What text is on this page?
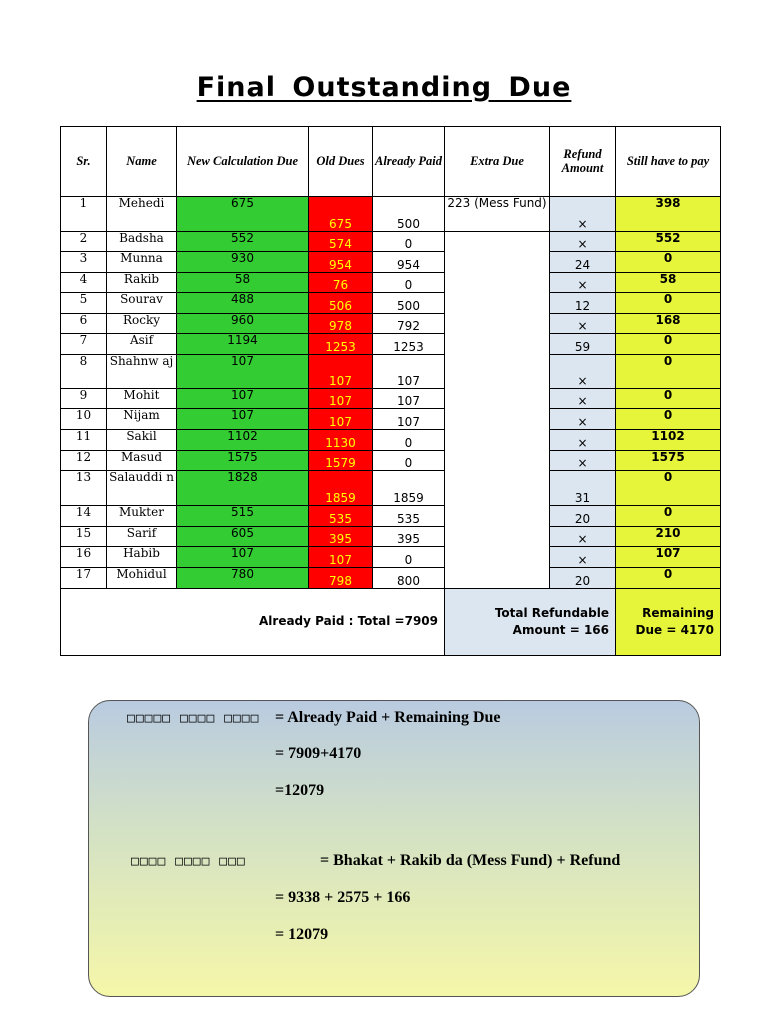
Final Outstanding Due
Sr.	Name	New Calculation Due	Old Dues	Already Paid	Extra Due	Refund Amount	Still have to pay
1	Mehedi	675	675	500	223 (Mess Fund)	×	398
2	Badsha	552	574	0		×	552
3	Munna	930	954	954		24	0
4	Rakib	58	76	0		×	58
5	Sourav	488	506	500		12	0
6	Rocky	960	978	792		×	168
7	Asif	1194	1253	1253		59	0
8	Shahnw aj	107	107	107		×	0
9	Mohit	107	107	107		×	0
10	Nijam	107	107	107		×	0
11	Sakil	1102	1130	0		×	1102
12	Masud	1575	1579	0		×	1575
13	Salauddi n	1828	1859	1859		31	0
14	Mukter	515	535	535		20	0
15	Sarif	605	395	395		×	210
16	Habib	107	107	0		×	107
17	Mohidul	780	798	800		20	0
Already Paid : Total =7909					Total Refundable Amount = 166		Remaining Due = 4170
□□□□□ □□□□ □□□□ = Already Paid + Remaining Due
= 7909+4170
=12079
□□□□ □□□□ □□□	= Bhakat + Rakib da (Mess Fund) + Refund
= 9338 + 2575 + 166
= 12079
